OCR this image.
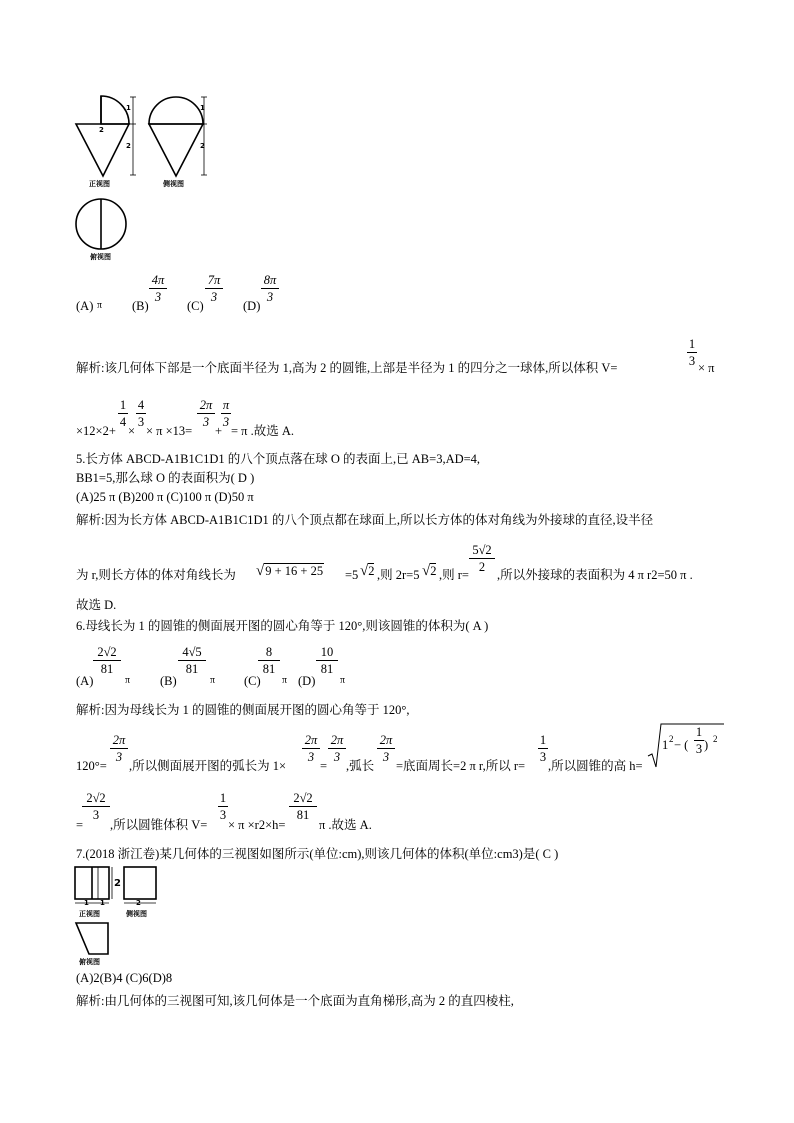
2
1
2
正视图
1
2
侧视图
俯视图
(A) π (B)
4π
3
(C)
7π
3
(D)
8π
3
解析:该几何体下部是一个底面半径为 1,高为 2 的圆锥,上部是半径为 1 的四分之一球体,所以体积 V=
1
3 × π
×12×2+
1
4
×
4
3
× π ×13=
2π
3
+
π
3
= π .故选 A.
5.长方体 ABCD-A1B1C1D1 的八个顶点落在球 O 的表面上,已 AB=3,AD=4,
BB1=5,那么球 O 的表面积为( D )
(A)25 π (B)200 π (C)100 π (D)50 π
解析:因为长方体 ABCD-A1B1C1D1 的八个顶点都在球面上,所以长方体的体对角线为外接球的直径,设半径
为 r,则长方体的体对角线长为 √9 + 16 + 25 =5 √2 ,则 2r=5 √2 ,则 r=
5√2
2
,所以外接球的表面积为 4 π r2=50 π .
故选 D.
6.母线长为 1 的圆锥的侧面展开图的圆心角等于 120°,则该圆锥的体积为( A )
(A)
2√2
81
π (B)
4√5
81
π (C)
8
81
π (D)
10
81
π
解析:因为母线长为 1 的圆锥的侧面展开图的圆心角等于 120°,
120°=
2π
3
,所以侧面展开图的弧长为 1×
2π
3
=
2π
3
,弧长
2π
3
=底面周长=2 π r,所以 r=
1
3
,所以圆锥的高 h=
1 2 − (
1
3 ) 2
=
2√2
3
,所以圆锥体积 V=
1
3
× π ×r2×h=
2√2
81
π .故选 A.
7.(2018 浙江卷)某几何体的三视图如图所示(单位:cm),则该几何体的体积(单位:cm3)是( C )
1 1
2
正视图
2
侧视图
俯视图
(A)2(B)4 (C)6(D)8
解析:由几何体的三视图可知,该几何体是一个底面为直角梯形,高为 2 的直四棱柱,
